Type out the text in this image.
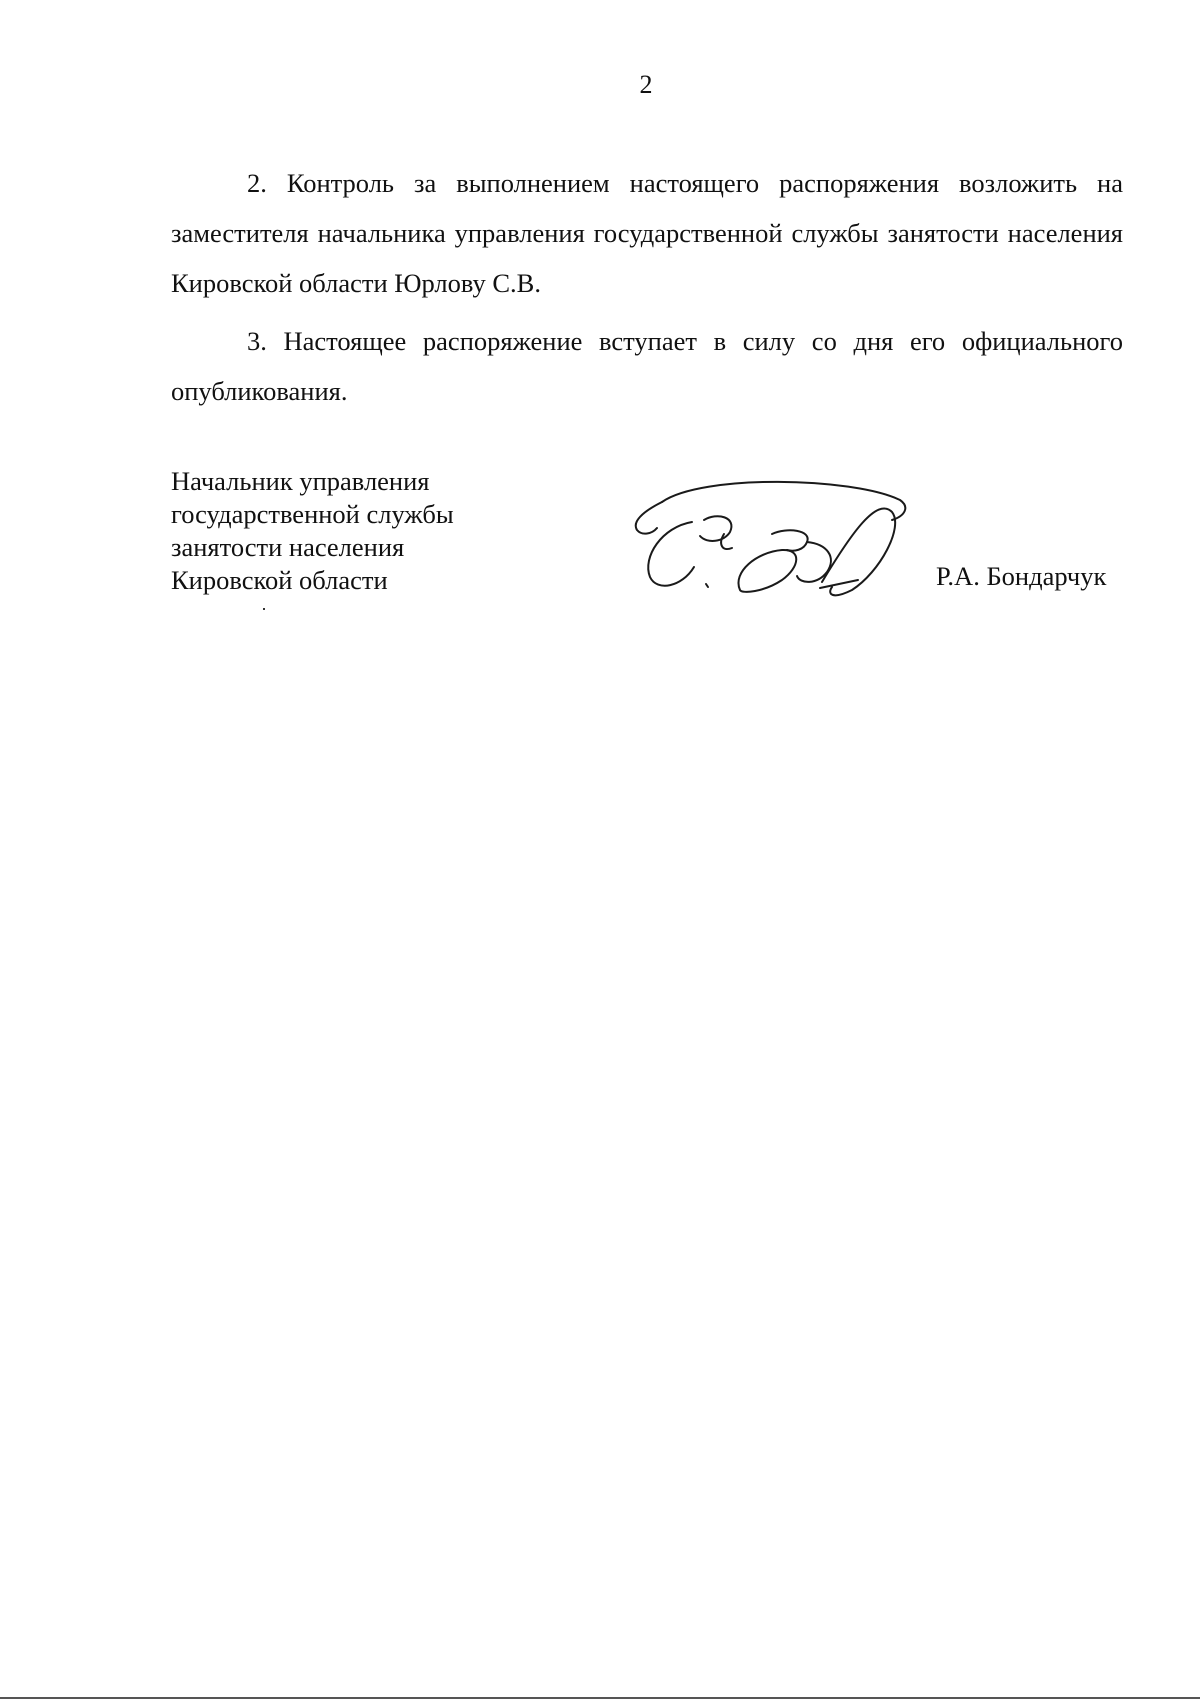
2

2. Контроль за выполнением настоящего распоряжения возложить на заместителя начальника управления государственной службы занятости населения Кировской области Юрлову С.В.

3. Настоящее распоряжение вступает в силу со дня его официального опубликования.

Начальник управления
государственной службы
занятости населения
Кировской области	Р.А. Бондарчук
